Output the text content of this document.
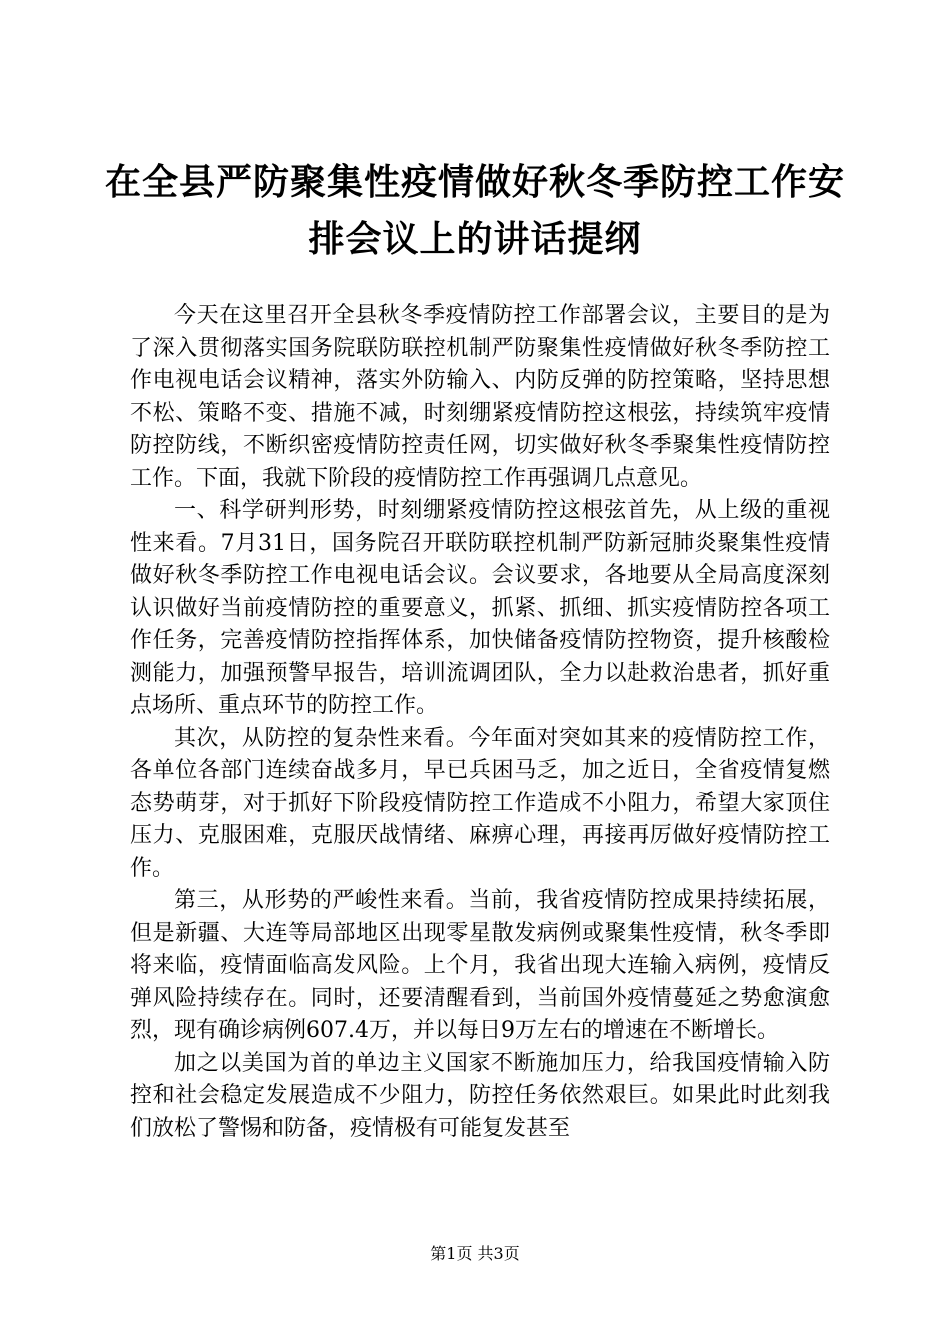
在全县严防聚集性疫情做好秋冬季防控工作安
排会议上的讲话提纲

今天在这里召开全县秋冬季疫情防控工作部署会议，主要目的是为了深入贯彻落实国务院联防联控机制严防聚集性疫情做好秋冬季防控工作电视电话会议精神，落实外防输入、内防反弹的防控策略，坚持思想不松、策略不变、措施不减，时刻绷紧疫情防控这根弦，持续筑牢疫情防控防线，不断织密疫情防控责任网，切实做好秋冬季聚集性疫情防控工作。下面，我就下阶段的疫情防控工作再强调几点意见。

一、科学研判形势，时刻绷紧疫情防控这根弦首先，从上级的重视性来看。7月31日，国务院召开联防联控机制严防新冠肺炎聚集性疫情做好秋冬季防控工作电视电话会议。会议要求，各地要从全局高度深刻认识做好当前疫情防控的重要意义，抓紧、抓细、抓实疫情防控各项工作任务，完善疫情防控指挥体系，加快储备疫情防控物资，提升核酸检测能力，加强预警早报告，培训流调团队，全力以赴救治患者，抓好重点场所、重点环节的防控工作。

其次，从防控的复杂性来看。今年面对突如其来的疫情防控工作，各单位各部门连续奋战多月，早已兵困马乏，加之近日，全省疫情复燃态势萌芽，对于抓好下阶段疫情防控工作造成不小阻力，希望大家顶住压力、克服困难，克服厌战情绪、麻痹心理，再接再厉做好疫情防控工作。

第三，从形势的严峻性来看。当前，我省疫情防控成果持续拓展，但是新疆、大连等局部地区出现零星散发病例或聚集性疫情，秋冬季即将来临，疫情面临高发风险。上个月，我省出现大连输入病例，疫情反弹风险持续存在。同时，还要清醒看到，当前国外疫情蔓延之势愈演愈烈，现有确诊病例607.4万，并以每日9万左右的增速在不断增长。

加之以美国为首的单边主义国家不断施加压力，给我国疫情输入防控和社会稳定发展造成不少阻力，防控任务依然艰巨。如果此时此刻我们放松了警惕和防备，疫情极有可能复发甚至

第1页 共3页
